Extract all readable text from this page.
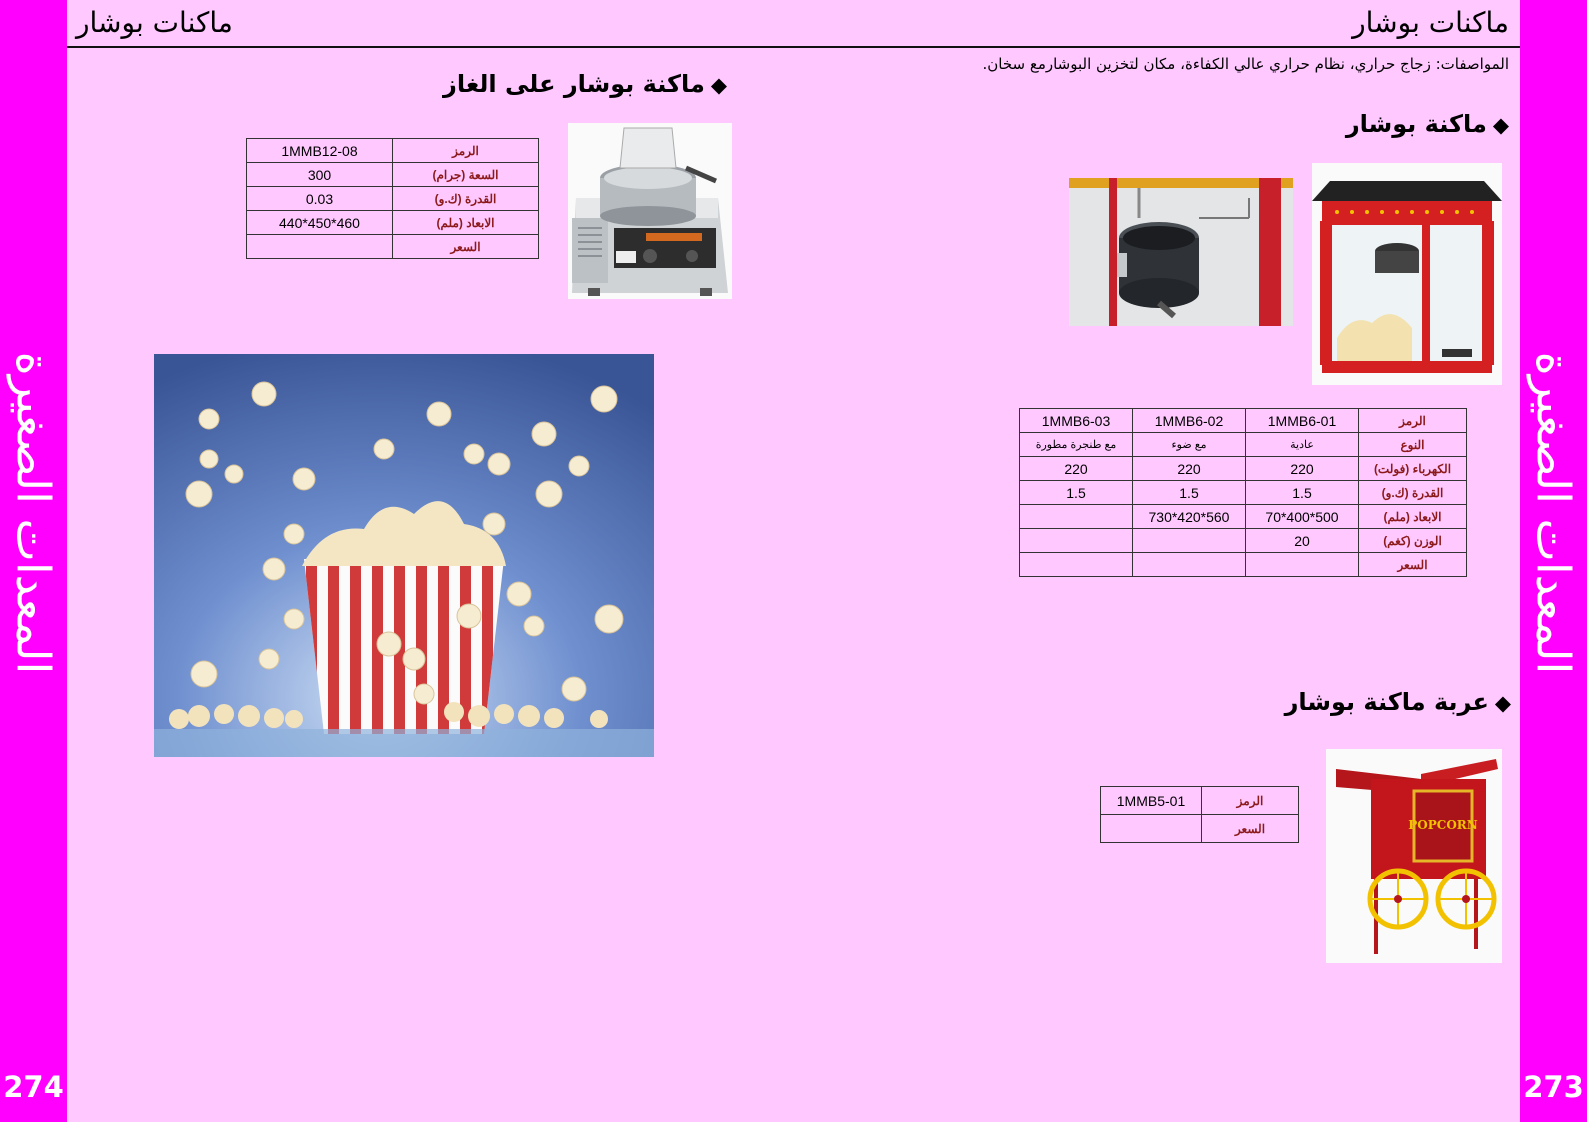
المعدات الصغيرة
274
المعدات الصغيرة
273
ماكنات بوشار
ماكنات بوشار
المواصفات: زجاج حراري، نظام حراري عالي الكفاءة، مكان لتخزين البوشارمع سخان.
◆ماكنة بوشار على الغاز
1MMB12-08	الرمز
300	السعة (جرام)
0.03	القدرة (ك.و)
440*450*460	الابعاد (ملم)
	السعر
◆ماكنة بوشار
1MMB6-03	1MMB6-02	1MMB6-01	الرمز
مع طنجرة مطورة	مع ضوء	عادية	النوع
220	220	220	الكهرباء (فولت)
1.5	1.5	1.5	القدرة (ك.و)
	730*420*560	70*400*500	الابعاد (ملم)
		20	الوزن (كغم)
			السعر
◆عربة ماكنة بوشار
POPCORN
1MMB5-01	الرمز
	السعر
